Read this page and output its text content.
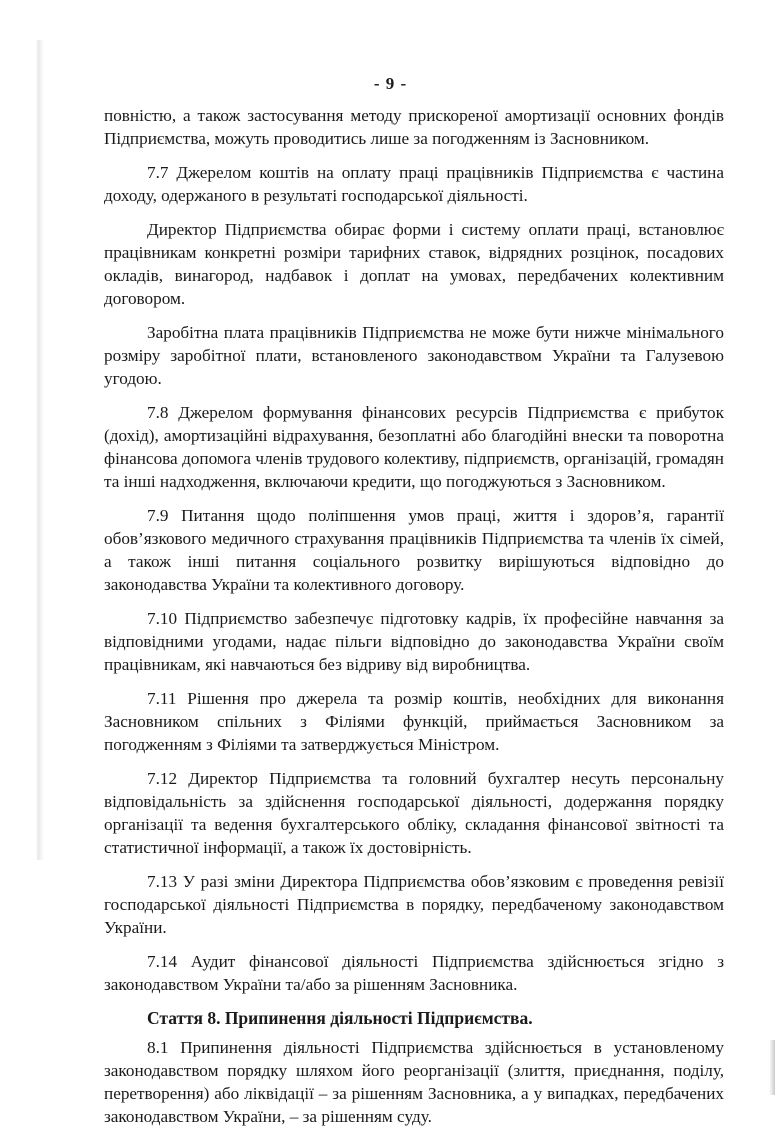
- 9 -

повністю, а також застосування методу прискореної амортизації основних фондів Підприємства, можуть проводитись лише за погодженням із Засновником.

7.7 Джерелом коштів на оплату праці працівників Підприємства є частина доходу, одержаного в результаті господарської діяльності.

Директор Підприємства обирає форми і систему оплати праці, встановлює працівникам конкретні розміри тарифних ставок, відрядних розцінок, посадових окладів, винагород, надбавок і доплат на умовах, передбачених колективним договором.

Заробітна плата працівників Підприємства не може бути нижче мінімального розміру заробітної плати, встановленого законодавством України та Галузевою угодою.

7.8 Джерелом формування фінансових ресурсів Підприємства є прибуток (дохід), амортизаційні відрахування, безоплатні або благодійні внески та поворотна фінансова допомога членів трудового колективу, підприємств, організацій, громадян та інші надходження, включаючи кредити, що погоджуються з Засновником.

7.9 Питання щодо поліпшення умов праці, життя і здоров’я, гарантії обов’язкового медичного страхування працівників Підприємства та членів їх сімей, а також інші питання соціального розвитку вирішуються відповідно до законодавства України та колективного договору.

7.10 Підприємство забезпечує підготовку кадрів, їх професійне навчання за відповідними угодами, надає пільги відповідно до законодавства України своїм працівникам, які навчаються без відриву від виробництва.

7.11 Рішення про джерела та розмір коштів, необхідних для виконання Засновником спільних з Філіями функцій, приймається Засновником за погодженням з Філіями та затверджується Міністром.

7.12 Директор Підприємства та головний бухгалтер несуть персональну відповідальність за здійснення господарської діяльності, додержання порядку організації та ведення бухгалтерського обліку, складання фінансової звітності та статистичної інформації, а також їх достовірність.

7.13 У разі зміни Директора Підприємства обов’язковим є проведення ревізії господарської діяльності Підприємства в порядку, передбаченому законодавством України.

7.14 Аудит фінансової діяльності Підприємства здійснюється згідно з законодавством України та/або за рішенням Засновника.

Стаття 8. Припинення діяльності Підприємства.

8.1 Припинення діяльності Підприємства здійснюється в установленому законодавством порядку шляхом його реорганізації (злиття, приєднання, поділу, перетворення) або ліквідації – за рішенням Засновника, а у випадках, передбачених законодавством України, – за рішенням суду.
